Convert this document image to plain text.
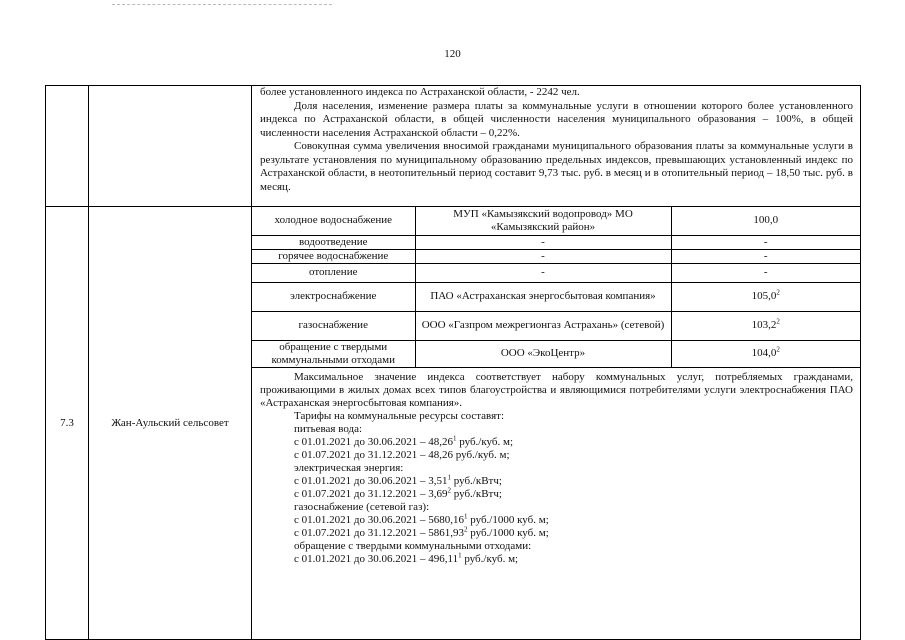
120

более установленного индекса по Астраханской области, - 2242 чел.

Доля населения, изменение размера платы за коммунальные услуги в отношении которого более установленного индекса по Астраханской области, в общей численности населения муниципального образования – 100%, в общей численности населения Астраханской области – 0,22%.

Совокупная сумма увеличения вносимой гражданами муниципального образования платы за коммунальные услуги в результате установления по муниципальному образованию предельных индексов, превышающих установленный индекс по Астраханской области, в неотопительный период составит 9,73 тыс. руб. в месяц и в отопительный период – 18,50 тыс. руб. в месяц.

7.3	Жан-Аульский сельсовет	
холодное водоснабжение	МУП «Камызякский водопровод» МО «Камызякский район»	100,0
водоотведение	-	-
горячее водоснабжение	-	-
отопление	-	-
электроснабжение	ПАО «Астраханская энергосбытовая компания»	105,0$^2$
газоснабжение	ООО «Газпром межрегионгаз Астрахань» (сетевой)	103,2$^2$
обращение с твердыми коммунальными отходами	ООО «ЭкоЦентр»	104,0$^2$

Максимальное значение индекса соответствует набору коммунальных услуг, потребляемых гражданами, проживающими в жилых домах всех типов благоустройства и являющимися потребителями услуги электроснабжения ПАО «Астраханская энергосбытовая компания».

Тарифы на коммунальные ресурсы составят:

питьевая вода:

с 01.01.2021 до 30.06.2021 – 48,26$^1$ руб./куб. м;

с 01.07.2021 до 31.12.2021 – 48,26 руб./куб. м;

электрическая энергия:

с 01.01.2021 до 30.06.2021 – 3,51$^1$ руб./кВтч;

с 01.07.2021 до 31.12.2021 – 3,69$^2$ руб./кВтч;

газоснабжение (сетевой газ):

с 01.01.2021 до 30.06.2021 – 5680,16$^1$ руб./1000 куб. м;

с 01.07.2021 до 31.12.2021 – 5861,93$^2$ руб./1000 куб. м;

обращение с твердыми коммунальными отходами:

с 01.01.2021 до 30.06.2021 – 496,11$^1$ руб./куб. м;
